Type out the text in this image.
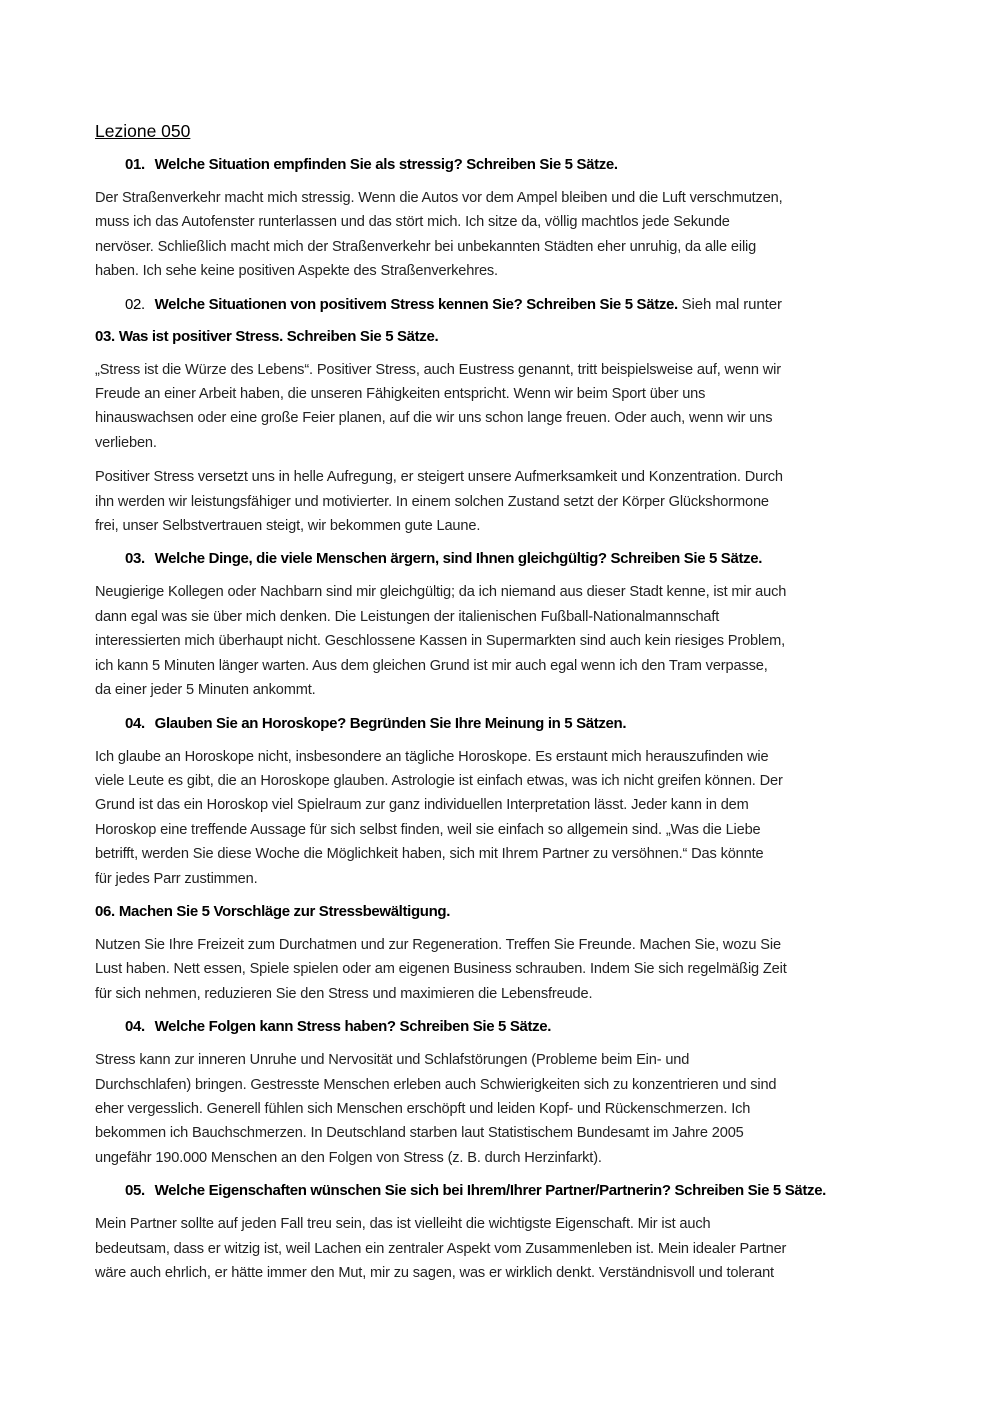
Lezione 050
01. Welche Situation empfinden Sie als stressig? Schreiben Sie 5 Sätze.
Der Straßenverkehr macht mich stressig. Wenn die Autos vor dem Ampel bleiben und die Luft verschmutzen,
muss ich das Autofenster runterlassen und das stört mich. Ich sitze da, völlig machtlos jede Sekunde
nervöser. Schließlich macht mich der Straßenverkehr bei unbekannten Städten eher unruhig, da alle eilig
haben. Ich sehe keine positiven Aspekte des Straßenverkehres.
02. Welche Situationen von positivem Stress kennen Sie? Schreiben Sie 5 Sätze. Sieh mal runter
03. Was ist positiver Stress. Schreiben Sie 5 Sätze.
„Stress ist die Würze des Lebens“. Positiver Stress, auch Eustress genannt, tritt beispielsweise auf, wenn wir
Freude an einer Arbeit haben, die unseren Fähigkeiten entspricht. Wenn wir beim Sport über uns
hinauswachsen oder eine große Feier planen, auf die wir uns schon lange freuen. Oder auch, wenn wir uns
verlieben.
Positiver Stress versetzt uns in helle Aufregung, er steigert unsere Aufmerksamkeit und Konzentration. Durch
ihn werden wir leistungsfähiger und motivierter. In einem solchen Zustand setzt der Körper Glückshormone
frei, unser Selbstvertrauen steigt, wir bekommen gute Laune.
03. Welche Dinge, die viele Menschen ärgern, sind Ihnen gleichgültig? Schreiben Sie 5 Sätze.
Neugierige Kollegen oder Nachbarn sind mir gleichgültig; da ich niemand aus dieser Stadt kenne, ist mir auch
dann egal was sie über mich denken. Die Leistungen der italienischen Fußball-Nationalmannschaft
interessierten mich überhaupt nicht. Geschlossene Kassen in Supermarkten sind auch kein riesiges Problem,
ich kann 5 Minuten länger warten. Aus dem gleichen Grund ist mir auch egal wenn ich den Tram verpasse,
da einer jeder 5 Minuten ankommt.
04. Glauben Sie an Horoskope? Begründen Sie Ihre Meinung in 5 Sätzen.
Ich glaube an Horoskope nicht, insbesondere an tägliche Horoskope. Es erstaunt mich herauszufinden wie
viele Leute es gibt, die an Horoskope glauben. Astrologie ist einfach etwas, was ich nicht greifen können. Der
Grund ist das ein Horoskop viel Spielraum zur ganz individuellen Interpretation lässt. Jeder kann in dem
Horoskop eine treffende Aussage für sich selbst finden, weil sie einfach so allgemein sind. „Was die Liebe
betrifft, werden Sie diese Woche die Möglichkeit haben, sich mit Ihrem Partner zu versöhnen.“ Das könnte
für jedes Parr zustimmen.
06. Machen Sie 5 Vorschläge zur Stressbewältigung.
Nutzen Sie Ihre Freizeit zum Durchatmen und zur Regeneration. Treffen Sie Freunde. Machen Sie, wozu Sie
Lust haben. Nett essen, Spiele spielen oder am eigenen Business schrauben. Indem Sie sich regelmäßig Zeit
für sich nehmen, reduzieren Sie den Stress und maximieren die Lebensfreude.
04. Welche Folgen kann Stress haben? Schreiben Sie 5 Sätze.
Stress kann zur inneren Unruhe und Nervosität und Schlafstörungen (Probleme beim Ein- und
Durchschlafen) bringen. Gestresste Menschen erleben auch Schwierigkeiten sich zu konzentrieren und sind
eher vergesslich. Generell fühlen sich Menschen erschöpft und leiden Kopf- und Rückenschmerzen. Ich
bekommen ich Bauchschmerzen. In Deutschland starben laut Statistischem Bundesamt im Jahre 2005
ungefähr 190.000 Menschen an den Folgen von Stress (z. B. durch Herzinfarkt).
05. Welche Eigenschaften wünschen Sie sich bei Ihrem/Ihrer Partner/Partnerin? Schreiben Sie 5 Sätze.
Mein Partner sollte auf jeden Fall treu sein, das ist vielleiht die wichtigste Eigenschaft. Mir ist auch
bedeutsam, dass er witzig ist, weil Lachen ein zentraler Aspekt vom Zusammenleben ist. Mein idealer Partner
wäre auch ehrlich, er hätte immer den Mut, mir zu sagen, was er wirklich denkt. Verständnisvoll und tolerant
